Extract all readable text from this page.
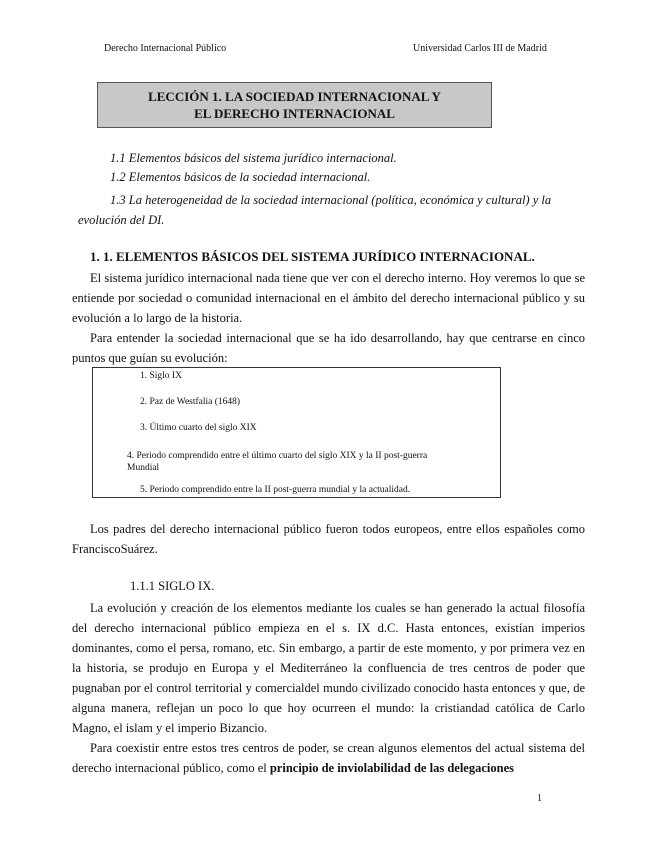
Derecho Internacional Público	Universidad Carlos III de Madrid
LECCIÓN 1. LA SOCIEDAD INTERNACIONAL Y
EL DERECHO INTERNACIONAL
1.1 Elementos básicos del sistema jurídico internacional.
1.2 Elementos básicos de la sociedad internacional.
1.3 La heterogeneidad de la sociedad internacional (política, económica y cultural) y la evolución del DI.
1. 1. ELEMENTOS BÁSICOS DEL SISTEMA JURÍDICO INTERNACIONAL.
El sistema jurídico internacional nada tiene que ver con el derecho interno. Hoy veremos lo que se entiende por sociedad o comunidad internacional en el ámbito del derecho internacional público y su evolución a lo largo de la historia.
Para entender la sociedad internacional que se ha ido desarrollando, hay que centrarse en cinco puntos que guían su evolución:
1. Siglo IX
2. Paz de Westfalia (1648)
3. Último cuarto del siglo XIX
4. Periodo comprendido entre el último cuarto del siglo XIX y la II post-guerra Mundial
5. Periodo comprendido entre la II post-guerra mundial y la actualidad.
Los padres del derecho internacional público fueron todos europeos, entre ellos españoles como FranciscoSuárez.
1.1.1 SIGLO IX.
La evolución y creación de los elementos mediante los cuales se han generado la actual filosofía del derecho internacional público empieza en el s. IX d.C. Hasta entonces, existían imperios dominantes, como el persa, romano, etc. Sin embargo, a partir de este momento, y por primera vez en la historia, se produjo en Europa y el Mediterráneo la confluencia de tres centros de poder que pugnaban por el control territorial y comercialdel mundo civilizado conocido hasta entonces y que, de alguna manera, reflejan un poco lo que hoy ocurreen el mundo: la cristiandad católica de Carlo Magno, el islam y el imperio Bizancio.
Para coexistir entre estos tres centros de poder, se crean algunos elementos del actual sistema del derecho internacional público, como el principio de inviolabilidad de las delegaciones
1
